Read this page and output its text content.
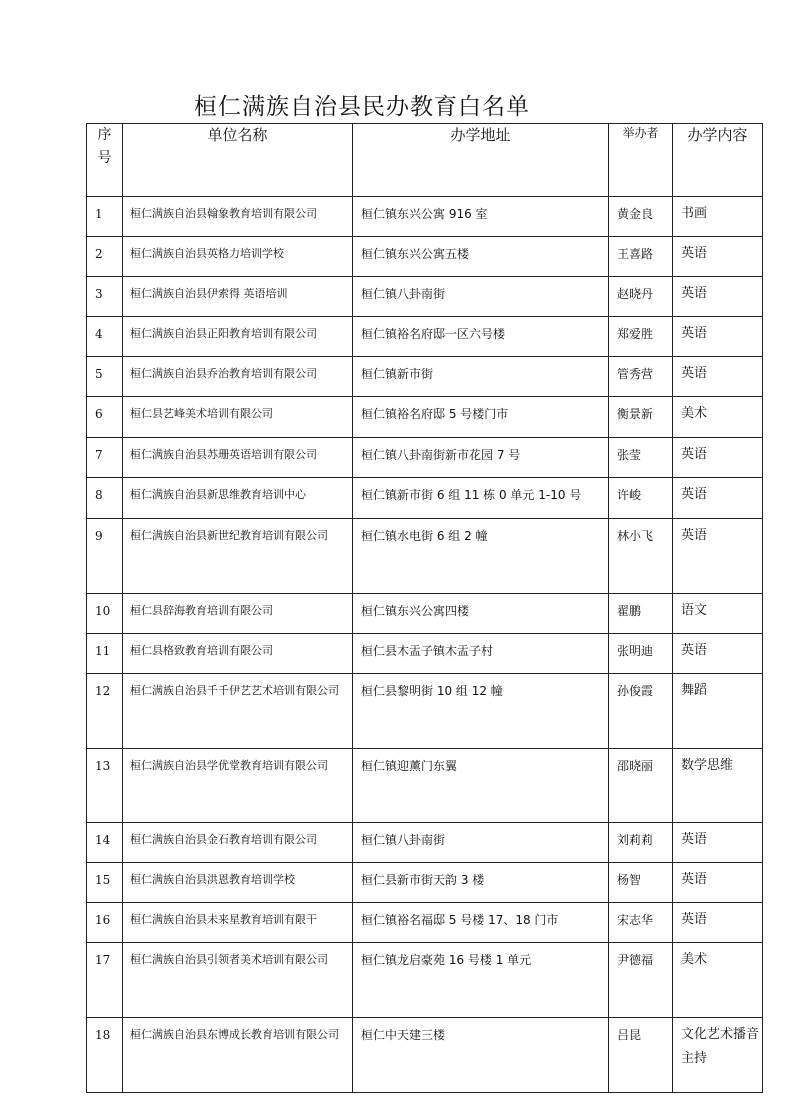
桓仁满族自治县民办教育白名单
序号	单位名称	办学地址	举办者	办学内容
1	桓仁满族自治县翰象教育培训有限公司	桓仁镇东兴公寓 916 室	黄金良	书画
2	桓仁满族自治县英格力培训学校	桓仁镇东兴公寓五楼	王喜路	英语
3	桓仁满族自治县伊索得 英语培训	桓仁镇八卦南街	赵晓丹	英语
4	桓仁满族自治县正阳教育培训有限公司	桓仁镇裕名府邸一区六号楼	郑爱胜	英语
5	桓仁满族自治县乔治教育培训有限公司	桓仁镇新市街	管秀营	英语
6	桓仁县艺峰美术培训有限公司	桓仁镇裕名府邸 5 号楼门市	衡景新	美术
7	桓仁满族自治县苏珊英语培训有限公司	桓仁镇八卦南街新市花园 7 号	张莹	英语
8	桓仁满族自治县新思维教育培训中心	桓仁镇新市街 6 组 11 栋 0 单元 1-10 号	许峻	英语
9	桓仁满族自治县新世纪教育培训有限公司	桓仁镇水电街 6 组 2 幢	林小飞	英语
10	桓仁县辞海教育培训有限公司	桓仁镇东兴公寓四楼	翟鹏	语文
11	桓仁县格致教育培训有限公司	桓仁县木盂子镇木盂子村	张明迪	英语
12	桓仁满族自治县千千伊艺艺术培训有限公司	桓仁县黎明街 10 组 12 幢	孙俊霞	舞蹈
13	桓仁满族自治县学优堂教育培训有限公司	桓仁镇迎薰门东翼	邵晓丽	数学思维
14	桓仁满族自治县金石教育培训有限公司	桓仁镇八卦南街	刘莉莉	英语
15	桓仁满族自治县洪恩教育培训学校	桓仁县新市街天韵 3 楼	杨智	英语
16	桓仁满族自治县未来星教育培训有限干	桓仁镇裕名福邸 5 号楼 17、18 门市	宋志华	英语
17	桓仁满族自治县引领者美术培训有限公司	桓仁镇龙启豪苑 16 号楼 1 单元	尹德福	美术
18	桓仁满族自治县东博成长教育培训有限公司	桓仁中天建三楼	吕昆	文化艺术播音主持
